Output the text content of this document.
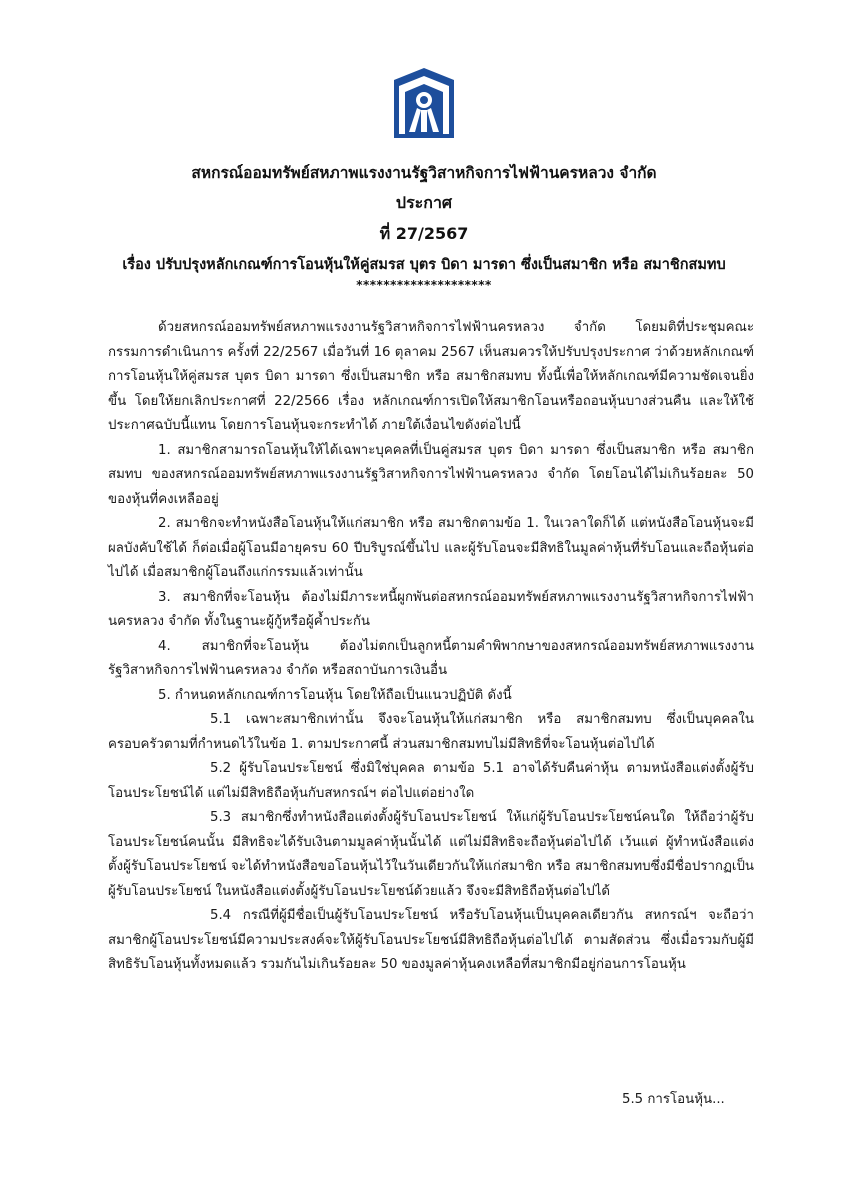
สหกรณ์ออมทรัพย์สหภาพแรงงานรัฐวิสาหกิจการไฟฟ้านครหลวง จำกัด
ประกาศ
ที่ 27/2567
เรื่อง ปรับปรุงหลักเกณฑ์การโอนหุ้นให้คู่สมรส บุตร บิดา มารดา ซึ่งเป็นสมาชิก หรือ สมาชิกสมทบ
********************

ด้วยสหกรณ์ออมทรัพย์สหภาพแรงงานรัฐวิสาหกิจการไฟฟ้านครหลวง จำกัด โดยมติที่ประชุมคณะกรรมการดำเนินการ ครั้งที่ 22/2567 เมื่อวันที่ 16 ตุลาคม 2567 เห็นสมควรให้ปรับปรุงประกาศ ว่าด้วยหลักเกณฑ์การโอนหุ้นให้คู่สมรส บุตร บิดา มารดา ซึ่งเป็นสมาชิก หรือ สมาชิกสมทบ ทั้งนี้เพื่อให้หลักเกณฑ์มีความชัดเจนยิ่งขึ้น โดยให้ยกเลิกประกาศที่ 22/2566 เรื่อง หลักเกณฑ์การเปิดให้สมาชิกโอนหรือถอนหุ้นบางส่วนคืน และให้ใช้ประกาศฉบับนี้แทน โดยการโอนหุ้นจะกระทำได้ ภายใต้เงื่อนไขดังต่อไปนี้

1. สมาชิกสามารถโอนหุ้นให้ได้เฉพาะบุคคลที่เป็นคู่สมรส บุตร บิดา มารดา ซึ่งเป็นสมาชิก หรือ สมาชิกสมทบ ของสหกรณ์ออมทรัพย์สหภาพแรงงานรัฐวิสาหกิจการไฟฟ้านครหลวง จำกัด โดยโอนได้ไม่เกินร้อยละ 50 ของหุ้นที่คงเหลืออยู่

2. สมาชิกจะทำหนังสือโอนหุ้นให้แก่สมาชิก หรือ สมาชิกตามข้อ 1. ในเวลาใดก็ได้ แต่หนังสือโอนหุ้นจะมีผลบังคับใช้ได้ ก็ต่อเมื่อผู้โอนมีอายุครบ 60 ปีบริบูรณ์ขึ้นไป และผู้รับโอนจะมีสิทธิในมูลค่าหุ้นที่รับโอนและถือหุ้นต่อไปได้ เมื่อสมาชิกผู้โอนถึงแก่กรรมแล้วเท่านั้น

3. สมาชิกที่จะโอนหุ้น ต้องไม่มีภาระหนี้ผูกพันต่อสหกรณ์ออมทรัพย์สหภาพแรงงานรัฐวิสาหกิจการไฟฟ้านครหลวง จำกัด ทั้งในฐานะผู้กู้หรือผู้ค้ำประกัน

4. สมาชิกที่จะโอนหุ้น ต้องไม่ตกเป็นลูกหนี้ตามคำพิพากษาของสหกรณ์ออมทรัพย์สหภาพแรงงานรัฐวิสาหกิจการไฟฟ้านครหลวง จำกัด หรือสถาบันการเงินอื่น

5. กำหนดหลักเกณฑ์การโอนหุ้น โดยให้ถือเป็นแนวปฏิบัติ ดังนี้

5.1 เฉพาะสมาชิกเท่านั้น จึงจะโอนหุ้นให้แก่สมาชิก หรือ สมาชิกสมทบ ซึ่งเป็นบุคคลในครอบครัวตามที่กำหนดไว้ในข้อ 1. ตามประกาศนี้ ส่วนสมาชิกสมทบไม่มีสิทธิที่จะโอนหุ้นต่อไปได้

5.2 ผู้รับโอนประโยชน์ ซึ่งมิใช่บุคคล ตามข้อ 5.1 อาจได้รับคืนค่าหุ้น ตามหนังสือแต่งตั้งผู้รับโอนประโยชน์ได้ แต่ไม่มีสิทธิถือหุ้นกับสหกรณ์ฯ ต่อไปแต่อย่างใด

5.3 สมาชิกซึ่งทำหนังสือแต่งตั้งผู้รับโอนประโยชน์ ให้แก่ผู้รับโอนประโยชน์คนใด ให้ถือว่าผู้รับโอนประโยชน์คนนั้น มีสิทธิจะได้รับเงินตามมูลค่าหุ้นนั้นได้ แต่ไม่มีสิทธิจะถือหุ้นต่อไปได้ เว้นแต่ ผู้ทำหนังสือแต่งตั้งผู้รับโอนประโยชน์ จะได้ทำหนังสือขอโอนหุ้นไว้ในวันเดียวกันให้แก่สมาชิก หรือ สมาชิกสมทบซึ่งมีชื่อปรากฏเป็นผู้รับโอนประโยชน์ ในหนังสือแต่งตั้งผู้รับโอนประโยชน์ด้วยแล้ว จึงจะมีสิทธิถือหุ้นต่อไปได้

5.4 กรณีที่ผู้มีชื่อเป็นผู้รับโอนประโยชน์ หรือรับโอนหุ้นเป็นบุคคลเดียวกัน สหกรณ์ฯ จะถือว่าสมาชิกผู้โอนประโยชน์มีความประสงค์จะให้ผู้รับโอนประโยชน์มีสิทธิถือหุ้นต่อไปได้ ตามสัดส่วน ซึ่งเมื่อรวมกับผู้มีสิทธิรับโอนหุ้นทั้งหมดแล้ว รวมกันไม่เกินร้อยละ 50 ของมูลค่าหุ้นคงเหลือที่สมาชิกมีอยู่ก่อนการโอนหุ้น

5.5 การโอนหุ้น...
